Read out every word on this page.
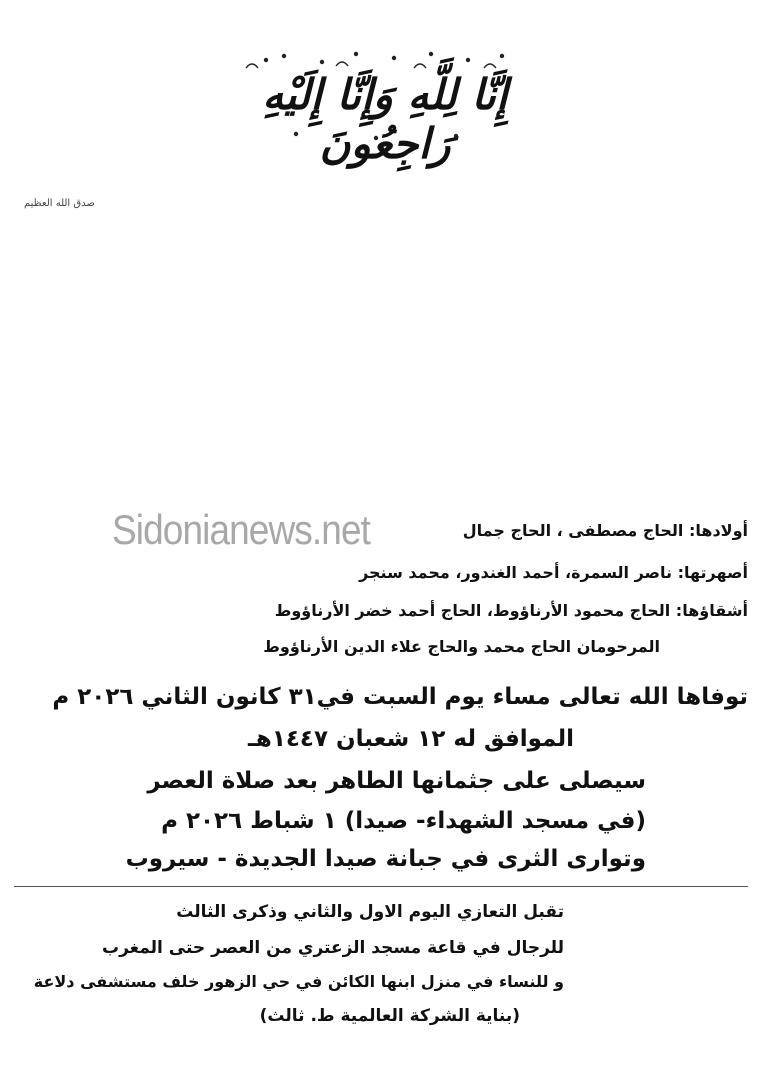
إِنَّا لِلَّهِ وَإِنَّا إِلَيْهِ رَاجِعُونَ
صدق الله العظيم
Sidonianews.net	أولادها: الحاج مصطفى ، الحاج جمال
أصهرتها: ناصر السمرة، أحمد الغندور، محمد سنجر
أشقاؤها: الحاج محمود الأرناؤوط، الحاج أحمد خضر الأرناؤوط
المرحومان الحاج محمد والحاج علاء الدين الأرناؤوط
توفاها الله تعالى مساء يوم السبت في٣١ كانون الثاني ٢٠٢٦ م
الموافق له ١٢ شعبان ١٤٤٧هـ
سيصلى على جثمانها الطاهر بعد صلاة العصر
(في مسجد الشهداء- صيدا) ١ شباط ٢٠٢٦ م
وتوارى الثرى في جبانة صيدا الجديدة - سيروب
تقبل التعازي اليوم الاول والثاني وذكرى الثالث
للرجال في قاعة مسجد الزعتري من العصر حتى المغرب
و للنساء في منزل ابنها الكائن في حي الزهور خلف مستشفى دلاعة
(بناية الشركة العالمية ط. ثالث)
